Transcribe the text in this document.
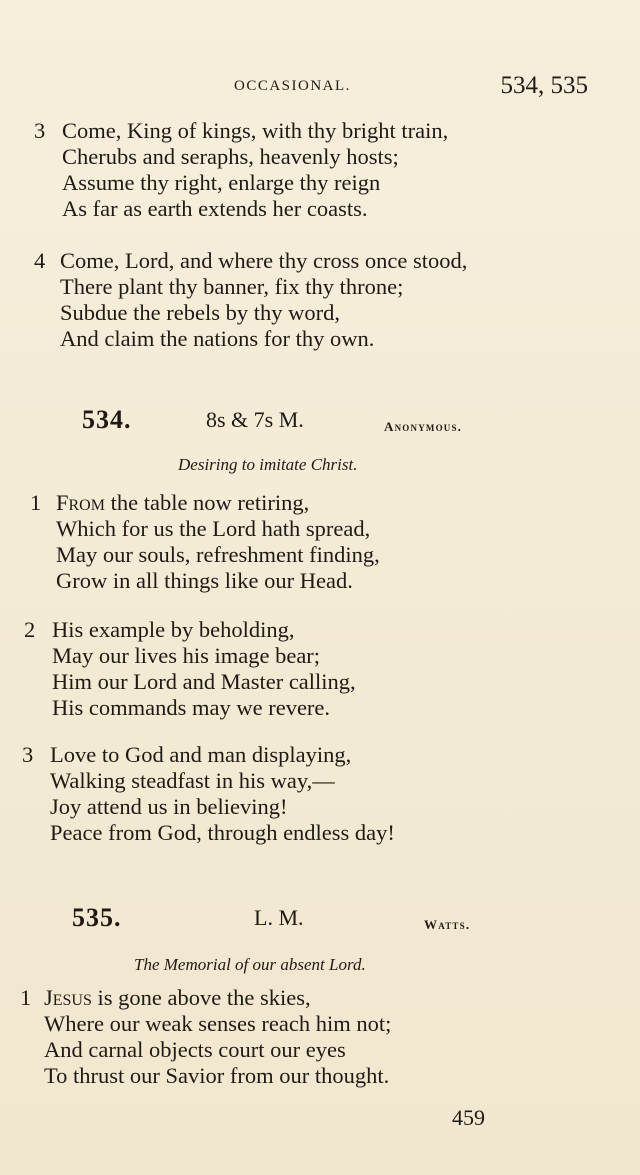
OCCASIONAL.	534, 535
3 Come, King of kings, with thy bright train,
Cherubs and seraphs, heavenly hosts;
Assume thy right, enlarge thy reign
As far as earth extends her coasts.
4 Come, Lord, and where thy cross once stood,
There plant thy banner, fix thy throne;
Subdue the rebels by thy word,
And claim the nations for thy own.
534.	8s & 7s M.	Anonymous.
Desiring to imitate Christ.
1 From the table now retiring,
Which for us the Lord hath spread,
May our souls, refreshment finding,
Grow in all things like our Head.
2 His example by beholding,
May our lives his image bear;
Him our Lord and Master calling,
His commands may we revere.
3 Love to God and man displaying,
Walking steadfast in his way,—
Joy attend us in believing!
Peace from God, through endless day!
535.	L. M.	Watts.
The Memorial of our absent Lord.
1 Jesus is gone above the skies,
Where our weak senses reach him not;
And carnal objects court our eyes
To thrust our Savior from our thought.
459
